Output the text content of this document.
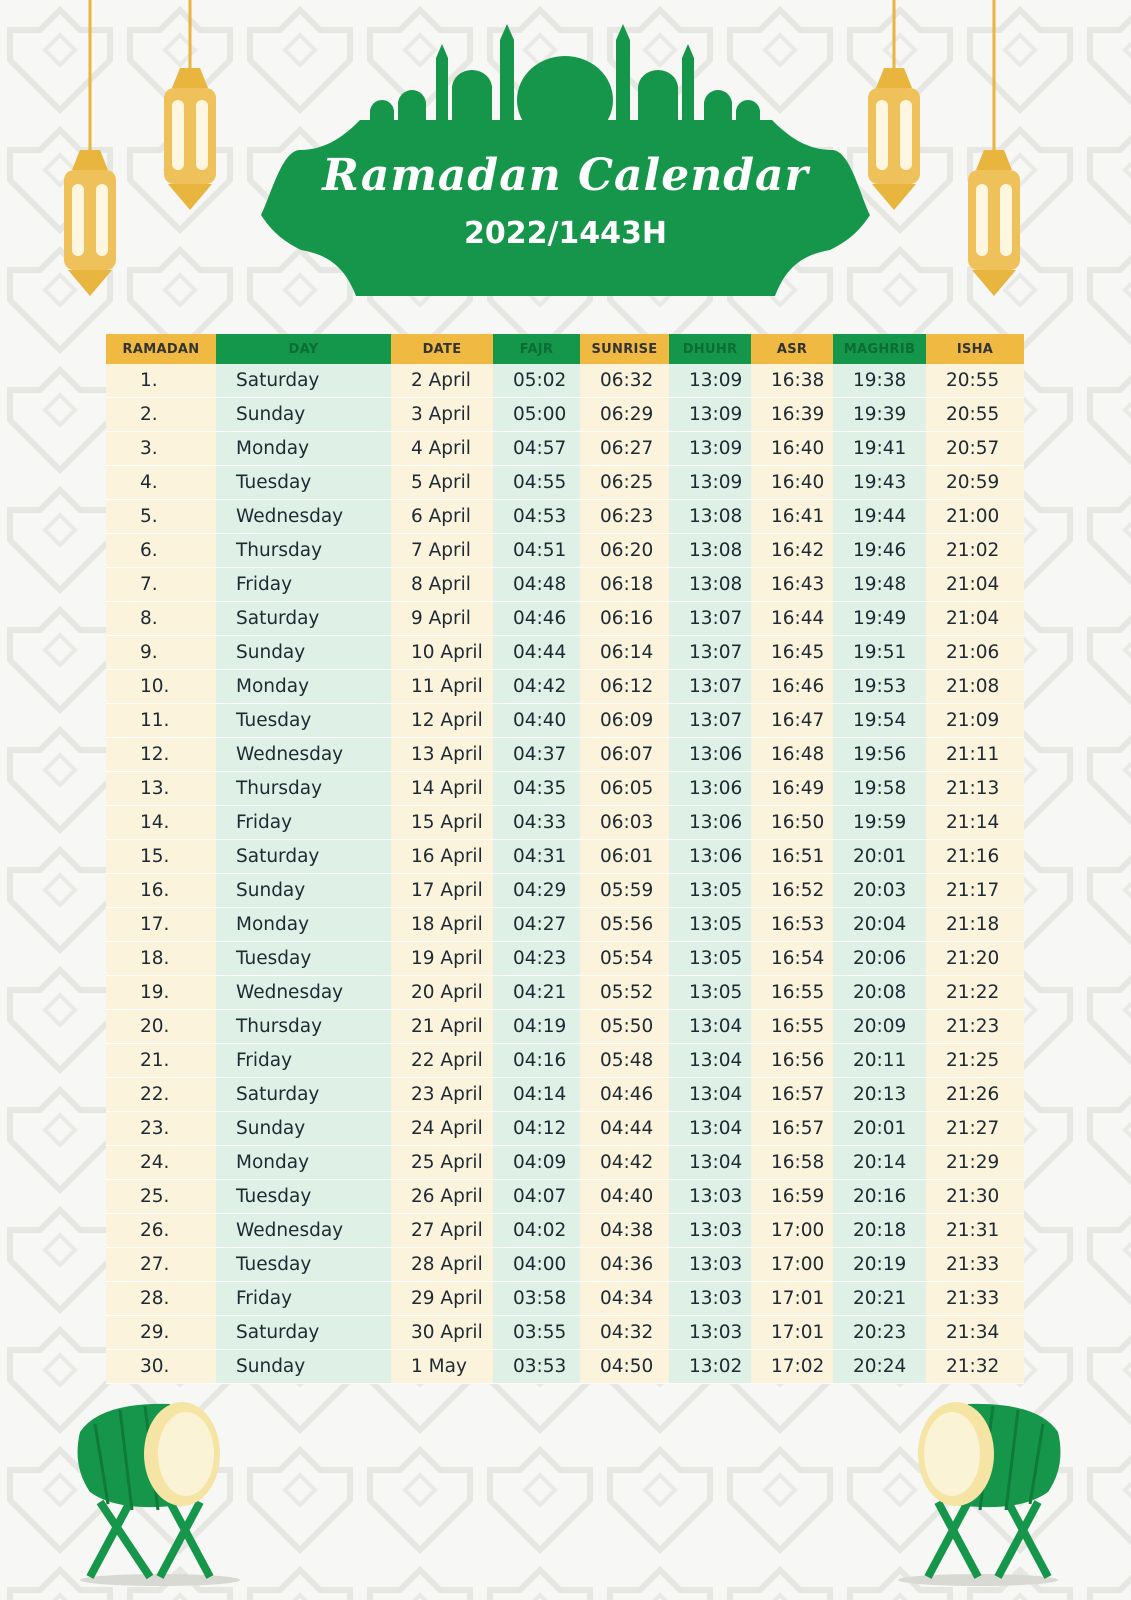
Ramadan Calendar
2022/1443H
RAMADAN	DAY	DATE	FAJR	SUNRISE	DHUHR	ASR	MAGHRIB	ISHA
1.	Saturday	2 April	05:02	06:32	13:09	16:38	19:38	20:55
2.	Sunday	3 April	05:00	06:29	13:09	16:39	19:39	20:55
3.	Monday	4 April	04:57	06:27	13:09	16:40	19:41	20:57
4.	Tuesday	5 April	04:55	06:25	13:09	16:40	19:43	20:59
5.	Wednesday	6 April	04:53	06:23	13:08	16:41	19:44	21:00
6.	Thursday	7 April	04:51	06:20	13:08	16:42	19:46	21:02
7.	Friday	8 April	04:48	06:18	13:08	16:43	19:48	21:04
8.	Saturday	9 April	04:46	06:16	13:07	16:44	19:49	21:04
9.	Sunday	10 April	04:44	06:14	13:07	16:45	19:51	21:06
10.	Monday	11 April	04:42	06:12	13:07	16:46	19:53	21:08
11.	Tuesday	12 April	04:40	06:09	13:07	16:47	19:54	21:09
12.	Wednesday	13 April	04:37	06:07	13:06	16:48	19:56	21:11
13.	Thursday	14 April	04:35	06:05	13:06	16:49	19:58	21:13
14.	Friday	15 April	04:33	06:03	13:06	16:50	19:59	21:14
15.	Saturday	16 April	04:31	06:01	13:06	16:51	20:01	21:16
16.	Sunday	17 April	04:29	05:59	13:05	16:52	20:03	21:17
17.	Monday	18 April	04:27	05:56	13:05	16:53	20:04	21:18
18.	Tuesday	19 April	04:23	05:54	13:05	16:54	20:06	21:20
19.	Wednesday	20 April	04:21	05:52	13:05	16:55	20:08	21:22
20.	Thursday	21 April	04:19	05:50	13:04	16:55	20:09	21:23
21.	Friday	22 April	04:16	05:48	13:04	16:56	20:11	21:25
22.	Saturday	23 April	04:14	04:46	13:04	16:57	20:13	21:26
23.	Sunday	24 April	04:12	04:44	13:04	16:57	20:01	21:27
24.	Monday	25 April	04:09	04:42	13:04	16:58	20:14	21:29
25.	Tuesday	26 April	04:07	04:40	13:03	16:59	20:16	21:30
26.	Wednesday	27 April	04:02	04:38	13:03	17:00	20:18	21:31
27.	Tuesday	28 April	04:00	04:36	13:03	17:00	20:19	21:33
28.	Friday	29 April	03:58	04:34	13:03	17:01	20:21	21:33
29.	Saturday	30 April	03:55	04:32	13:03	17:01	20:23	21:34
30.	Sunday	1 May	03:53	04:50	13:02	17:02	20:24	21:32
